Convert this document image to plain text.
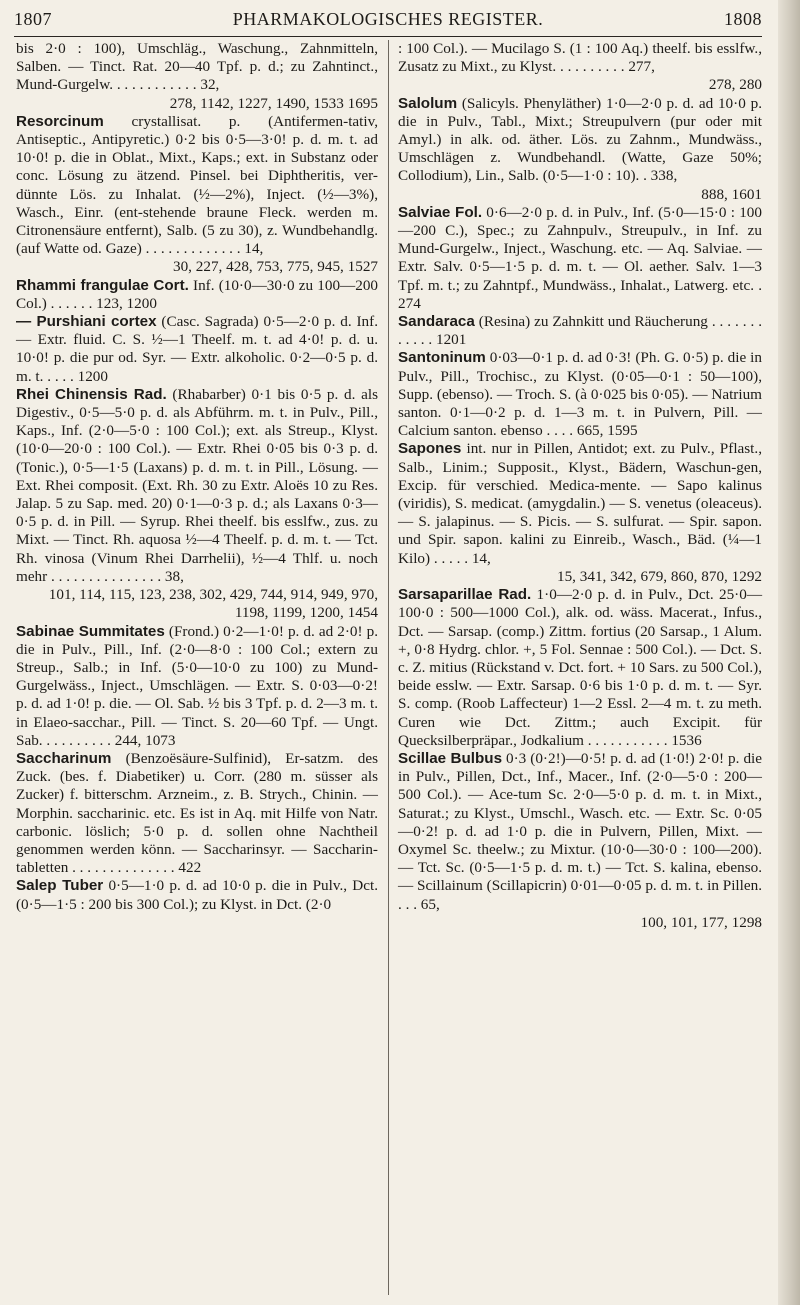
1807	PHARMAKOLOGISCHES REGISTER.	1808
bis 2·0 : 100), Umschläg., Waschung., Zahnmitteln, Salben. — Tinct. Rat. 20—40 Tpf. p. d.; zu Zahntinct., Mund-Gurgelw. . . . . . . . . . . . 32,
278, 1142, 1227, 1490, 1533 1695
Resorcinum crystallisat. p. (Antifermen-tativ, Antiseptic., Antipyretic.) 0·2 bis 0·5—3·0! p. d. m. t. ad 10·0! p. die in Oblat., Mixt., Kaps.; ext. in Substanz oder conc. Lösung zu ätzend. Pinsel. bei Diphtheritis, ver-dünnte Lös. zu Inhalat. (½—2%), Inject. (½—3%), Wasch., Einr. (ent-stehende braune Fleck. werden m. Citronensäure entfernt), Salb. (5 zu 30), z. Wundbehandlg. (auf Watte od. Gaze) . . . . . . . . . . . . . 14,
30, 227, 428, 753, 775, 945, 1527
Rhammi frangulae Cort. Inf. (10·0—30·0 zu 100—200 Col.) . . . . . . 123, 1200
— Purshiani cortex (Casc. Sagrada) 0·5—2·0 p. d. Inf. — Extr. fluid. C. S. ½—1 Theelf. m. t. ad 4·0! p. d. u. 10·0! p. die pur od. Syr. — Extr. alkoholic. 0·2—0·5 p. d. m. t. . . . . 1200
Rhei Chinensis Rad. (Rhabarber) 0·1 bis 0·5 p. d. als Digestiv., 0·5—5·0 p. d. als Abführm. m. t. in Pulv., Pill., Kaps., Inf. (2·0—5·0 : 100 Col.); ext. als Streup., Klyst. (10·0—20·0 : 100 Col.). — Extr. Rhei 0·05 bis 0·3 p. d. (Tonic.), 0·5—1·5 (Laxans) p. d. m. t. in Pill., Lösung. — Ext. Rhei composit. (Ext. Rh. 30 zu Extr. Aloës 10 zu Res. Jalap. 5 zu Sap. med. 20) 0·1—0·3 p. d.; als Laxans 0·3—0·5 p. d. in Pill. — Syrup. Rhei theelf. bis esslfw., zus. zu Mixt. — Tinct. Rh. aquosa ½—4 Theelf. p. d. m. t. — Tct. Rh. vinosa (Vinum Rhei Darrhelii), ½—4 Thlf. u. noch mehr . . . . . . . . . . . . . . . 38,
101, 114, 115, 123, 238, 302, 429, 744, 914, 949, 970, 1198, 1199, 1200, 1454
Sabinae Summitates (Frond.) 0·2—1·0! p. d. ad 2·0! p. die in Pulv., Pill., Inf. (2·0—8·0 : 100 Col.; extern zu Streup., Salb.; in Inf. (5·0—10·0 zu 100) zu Mund-Gurgelwäss., Inject., Umschlägen. — Extr. S. 0·03—0·2! p. d. ad 1·0! p. die. — Ol. Sab. ½ bis 3 Tpf. p. d. 2—3 m. t. in Elaeo-sacchar., Pill. — Tinct. S. 20—60 Tpf. — Ungt. Sab. . . . . . . . . . 244, 1073
Saccharinum (Benzoësäure-Sulfinid), Er-satzm. des Zuck. (bes. f. Diabetiker) u. Corr. (280 m. süsser als Zucker) f. bitterschm. Arzneim., z. B. Strych., Chinin. — Morphin. saccharinic. etc. Es ist in Aq. mit Hilfe von Natr. carbonic. löslich; 5·0 p. d. sollen ohne Nachtheil genommen werden könn. — Saccharinsyr. — Saccharin-tabletten . . . . . . . . . . . . . . 422
Salep Tuber 0·5—1·0 p. d. ad 10·0 p. die in Pulv., Dct. (0·5—1·5 : 200 bis 300 Col.); zu Klyst. in Dct. (2·0
: 100 Col.). — Mucilago S. (1 : 100 Aq.) theelf. bis esslfw., Zusatz zu Mixt., zu Klyst. . . . . . . . . . 277,
278, 280
Salolum (Salicyls. Phenyläther) 1·0—2·0 p. d. ad 10·0 p. die in Pulv., Tabl., Mixt.; Streupulvern (pur oder mit Amyl.) in alk. od. äther. Lös. zu Zahnm., Mundwäss., Umschlägen z. Wundbehandl. (Watte, Gaze 50%; Collodium), Lin., Salb. (0·5—1·0 : 10). . 338,
888, 1601
Salviae Fol. 0·6—2·0 p. d. in Pulv., Inf. (5·0—15·0 : 100—200 C.), Spec.; zu Zahnpulv., Streupulv., in Inf. zu Mund-Gurgelw., Inject., Waschung. etc. — Aq. Salviae. — Extr. Salv. 0·5—1·5 p. d. m. t. — Ol. aether. Salv. 1—3 Tpf. m. t.; zu Zahntpf., Mundwäss., Inhalat., Latwerg. etc. . 274
Sandaraca (Resina) zu Zahnkitt und Räucherung . . . . . . . . . . . . 1201
Santoninum 0·03—0·1 p. d. ad 0·3! (Ph. G. 0·5) p. die in Pulv., Pill., Trochisc., zu Klyst. (0·05—0·1 : 50—100), Supp. (ebenso). — Troch. S. (à 0·025 bis 0·05). — Natrium santon. 0·1—0·2 p. d. 1—3 m. t. in Pulvern, Pill. — Calcium santon. ebenso . . . . 665, 1595
Sapones int. nur in Pillen, Antidot; ext. zu Pulv., Pflast., Salb., Linim.; Supposit., Klyst., Bädern, Waschun-gen, Excip. für verschied. Medica-mente. — Sapo kalinus (viridis), S. medicat. (amygdalin.) — S. venetus (oleaceus). — S. jalapinus. — S. Picis. — S. sulfurat. — Spir. sapon. und Spir. sapon. kalini zu Einreib., Wasch., Bäd. (¼—1 Kilo) . . . . . 14,
15, 341, 342, 679, 860, 870, 1292
Sarsaparillae Rad. 1·0—2·0 p. d. in Pulv., Dct. 25·0—100·0 : 500—1000 Col.), alk. od. wäss. Macerat., Infus., Dct. — Sarsap. (comp.) Zittm. fortius (20 Sarsap., 1 Alum. +, 0·8 Hydrg. chlor. +, 5 Fol. Sennae : 500 Col.). — Dct. S. c. Z. mitius (Rückstand v. Dct. fort. + 10 Sars. zu 500 Col.), beide esslw. — Extr. Sarsap. 0·6 bis 1·0 p. d. m. t. — Syr. S. comp. (Roob Laffecteur) 1—2 Essl. 2—4 m. t. zu meth. Curen wie Dct. Zittm.; auch Excipit. für Quecksilberpräpar., Jodkalium . . . . . . . . . . . 1536
Scillae Bulbus 0·3 (0·2!)—0·5! p. d. ad (1·0!) 2·0! p. die in Pulv., Pillen, Dct., Inf., Macer., Inf. (2·0—5·0 : 200—500 Col.). — Ace-tum Sc. 2·0—5·0 p. d. m. t. in Mixt., Saturat.; zu Klyst., Umschl., Wasch. etc. — Extr. Sc. 0·05—0·2! p. d. ad 1·0 p. die in Pulvern, Pillen, Mixt. — Oxymel Sc. theelw.; zu Mixtur. (10·0—30·0 : 100—200). — Tct. Sc. (0·5—1·5 p. d. m. t.) — Tct. S. kalina, ebenso. — Scillainum (Scillapicrin) 0·01—0·05 p. d. m. t. in Pillen. . . . 65,
100, 101, 177, 1298
